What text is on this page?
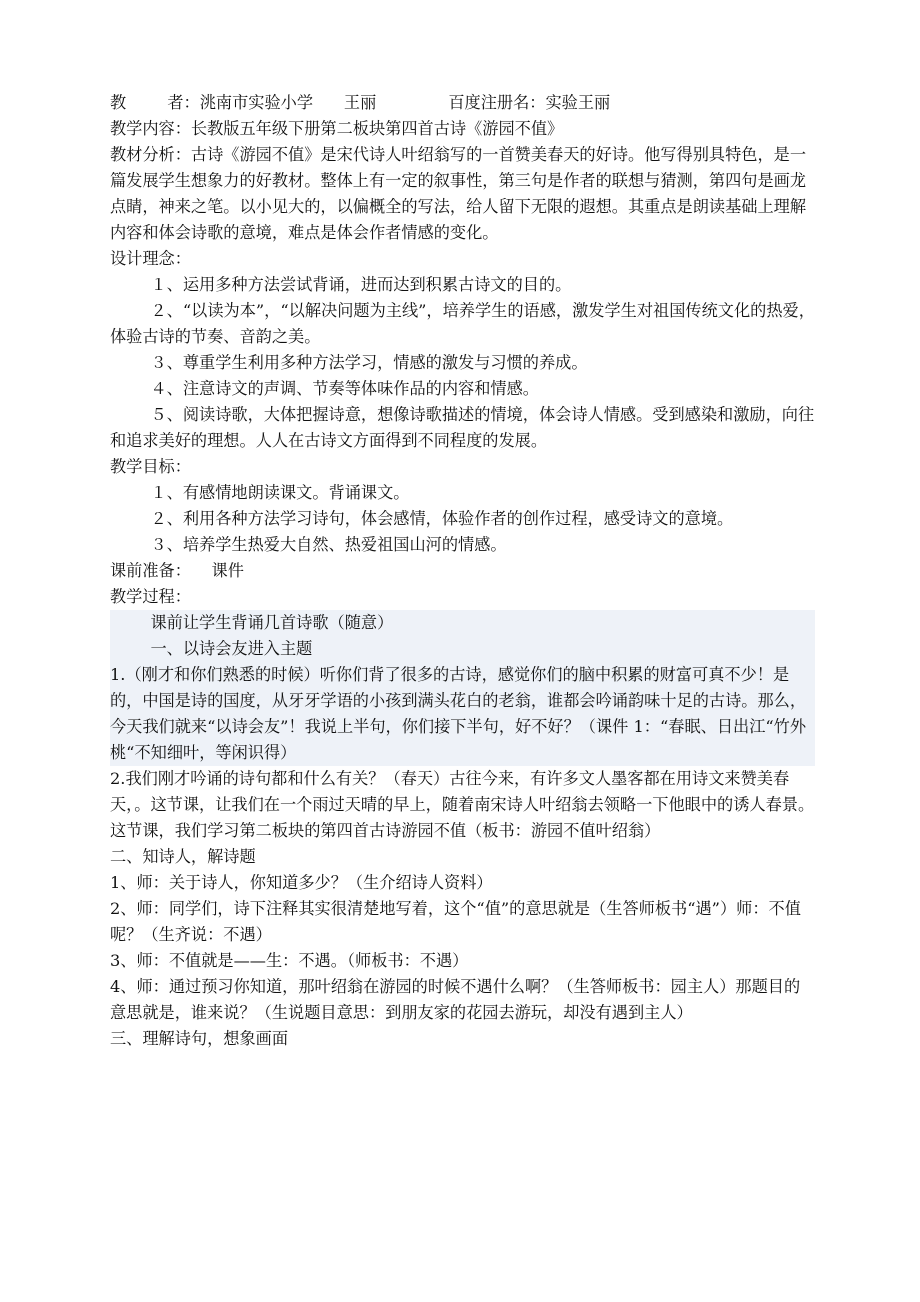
教        者：洮南市实验小学      王丽              百度注册名：实验王丽

教学内容：长教版五年级下册第二板块第四首古诗《游园不值》

教材分析：古诗《游园不值》是宋代诗人叶绍翁写的一首赞美春天的好诗。他写得别具特色，是一篇发展学生想象力的好教材。整体上有一定的叙事性，第三句是作者的联想与猜测，第四句是画龙点睛，神来之笔。以小见大的，以偏概全的写法，给人留下无限的遐想。其重点是朗读基础上理解内容和体会诗歌的意境，难点是体会作者情感的变化。

设计理念：

１、运用多种方法尝试背诵，进而达到积累古诗文的目的。

２、“以读为本”，“以解决问题为主线”，培养学生的语感，激发学生对祖国传统文化的热爱，体验古诗的节奏、音韵之美。

３、尊重学生利用多种方法学习，情感的激发与习惯的养成。

４、注意诗文的声调、节奏等体味作品的内容和情感。

５、阅读诗歌，大体把握诗意，想像诗歌描述的情境，体会诗人情感。受到感染和激励，向往和追求美好的理想。人人在古诗文方面得到不同程度的发展。

教学目标：

１、有感情地朗读课文。背诵课文。

２、利用各种方法学习诗句，体会感情，体验作者的创作过程，感受诗文的意境。

３、培养学生热爱大自然、热爱祖国山河的情感。

课前准备：    课件

教学过程：

课前让学生背诵几首诗歌（随意）

一、以诗会友进入主题

1.（刚才和你们熟悉的时候）听你们背了很多的古诗，感觉你们的脑中积累的财富可真不少！是的，中国是诗的国度，从牙牙学语的小孩到满头花白的老翁，谁都会吟诵韵味十足的古诗。那么，今天我们就来“以诗会友”！我说上半句，你们接下半句，好不好？（课件 1：“春眠、日出江“竹外桃“不知细叶，等闲识得）

2.我们刚才吟诵的诗句都和什么有关？（春天）古往今来，有许多文人墨客都在用诗文来赞美春天，。这节课，让我们在一个雨过天晴的早上，随着南宋诗人叶绍翁去领略一下他眼中的诱人春景。这节课，我们学习第二板块的第四首古诗游园不值（板书：游园不值叶绍翁）

二、知诗人，解诗题

1、师：关于诗人，你知道多少？（生介绍诗人资料）

2、师：同学们，诗下注释其实很清楚地写着，这个“值”的意思就是（生答师板书“遇”）师：不值呢？（生齐说：不遇）

3、师：不值就是——生：不遇。（师板书：不遇）

4、师：通过预习你知道，那叶绍翁在游园的时候不遇什么啊？（生答师板书：园主人）那题目的意思就是，谁来说？（生说题目意思：到朋友家的花园去游玩，却没有遇到主人）

三、理解诗句，想象画面
